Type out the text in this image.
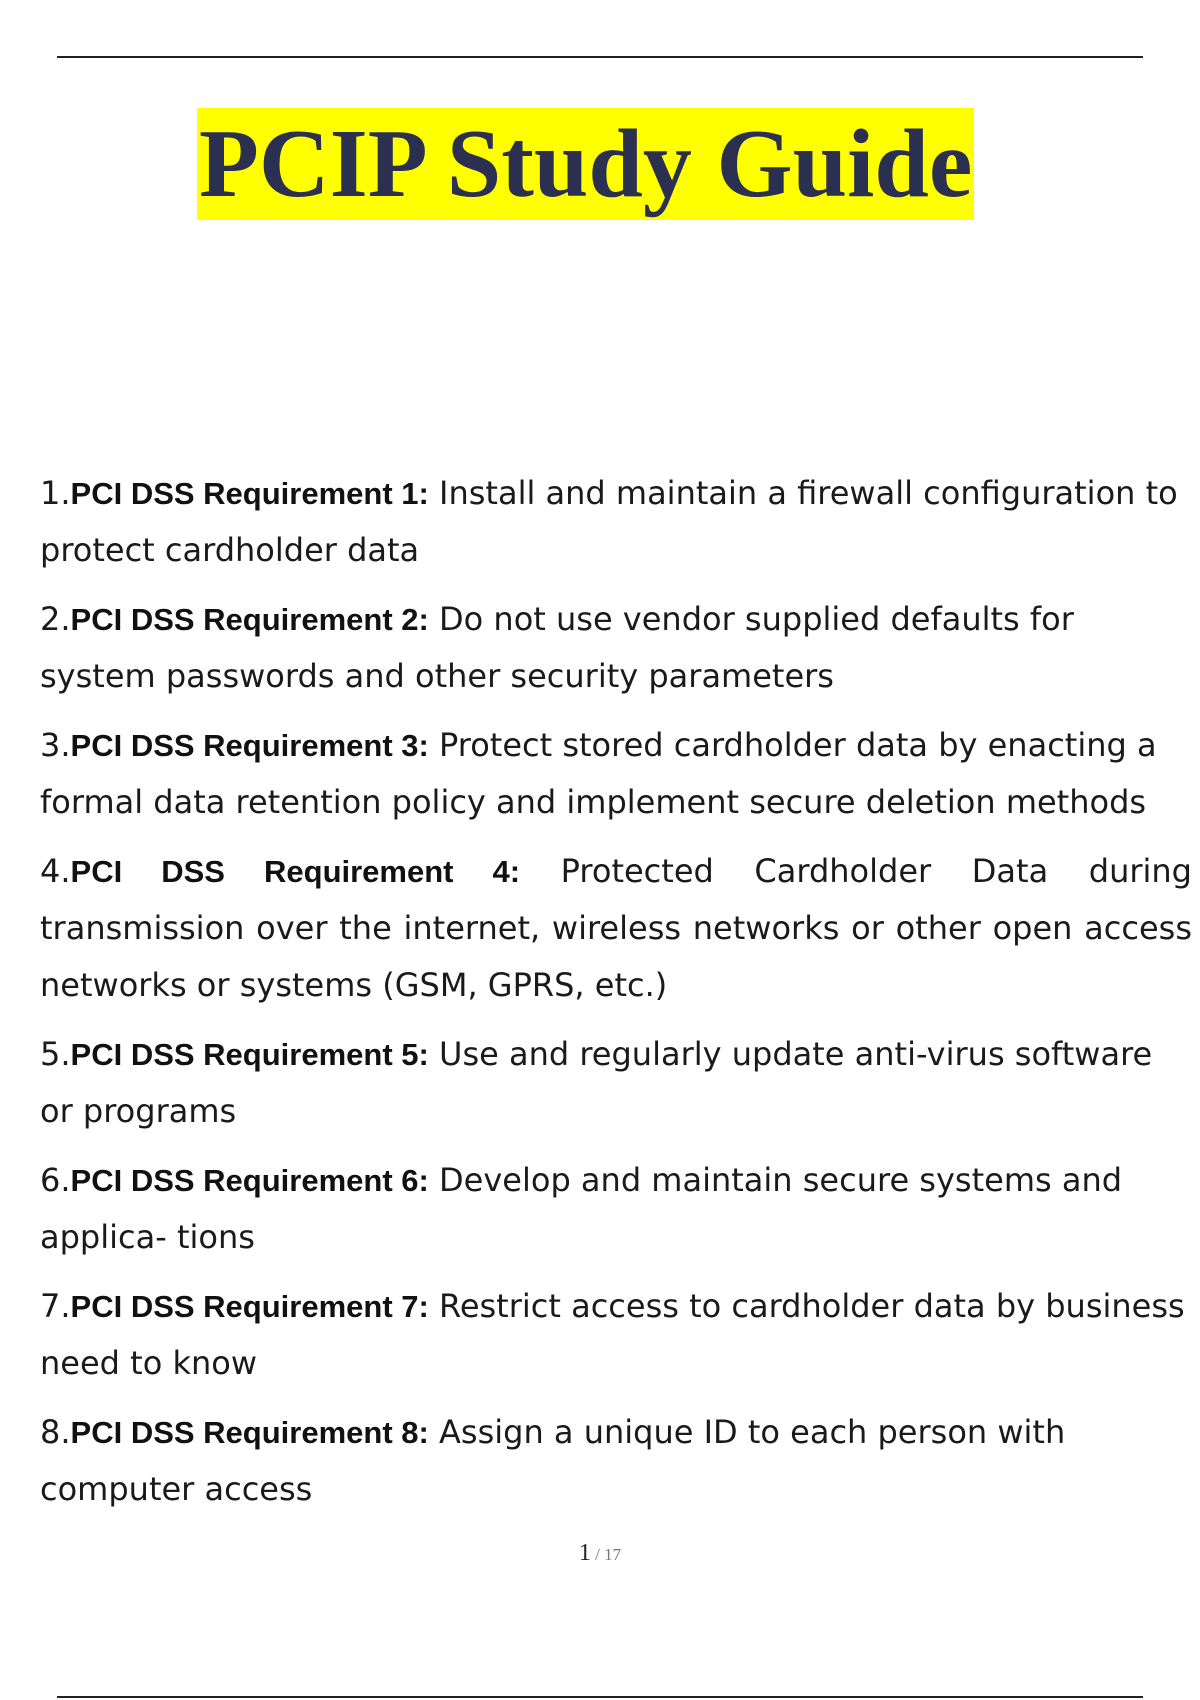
PCIP Study Guide
1.PCI DSS Requirement 1: Install and maintain a firewall configuration to protect cardholder data
2.PCI DSS Requirement 2: Do not use vendor supplied defaults for system passwords and other security parameters
3.PCI DSS Requirement 3: Protect stored cardholder data by enacting a formal data retention policy and implement secure deletion methods
4.PCI DSS Requirement 4: Protected Cardholder Data during transmission over the internet, wireless networks or other open access networks or systems (GSM, GPRS, etc.)
5.PCI DSS Requirement 5: Use and regularly update anti-virus software or programs
6.PCI DSS Requirement 6: Develop and maintain secure systems and applica- tions
7.PCI DSS Requirement 7: Restrict access to cardholder data by business need to know
8.PCI DSS Requirement 8: Assign a unique ID to each person with computer access
1 / 17
